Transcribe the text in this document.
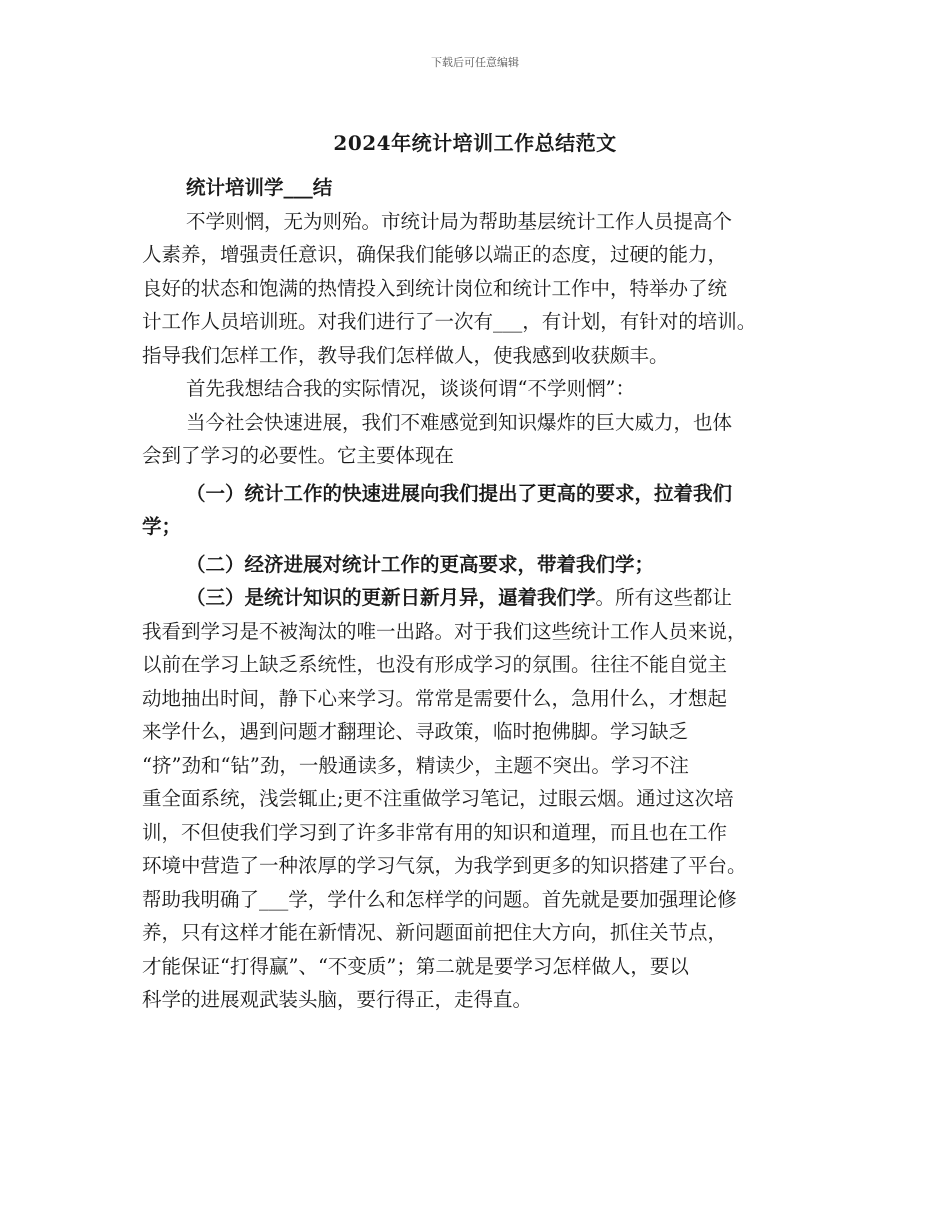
下载后可任意编辑
2024年统计培训工作总结范文
统计培训学___结
不学则惘，无为则殆。市统计局为帮助基层统计工作人员提高个
人素养，增强责任意识，确保我们能够以端正的态度，过硬的能力，
良好的状态和饱满的热情投入到统计岗位和统计工作中，特举办了统
计工作人员培训班。对我们进行了一次有___，有计划，有针对的培训。
指导我们怎样工作，教导我们怎样做人，使我感到收获颇丰。
首先我想结合我的实际情况，谈谈何谓“不学则惘”：
当今社会快速进展，我们不难感觉到知识爆炸的巨大威力，也体
会到了学习的必要性。它主要体现在
（一）统计工作的快速进展向我们提出了更高的要求，拉着我们
学；
（二）经济进展对统计工作的更高要求，带着我们学；
（三）是统计知识的更新日新月异，逼着我们学。所有这些都让
我看到学习是不被淘汰的唯一出路。对于我们这些统计工作人员来说，
以前在学习上缺乏系统性，也没有形成学习的氛围。往往不能自觉主
动地抽出时间，静下心来学习。常常是需要什么，急用什么，才想起
来学什么，遇到问题才翻理论、寻政策，临时抱佛脚。学习缺乏
“挤”劲和“钻”劲，一般通读多，精读少，主题不突出。学习不注
重全面系统，浅尝辄止;更不注重做学习笔记，过眼云烟。通过这次培
训，不但使我们学习到了许多非常有用的知识和道理，而且也在工作
环境中营造了一种浓厚的学习气氛，为我学到更多的知识搭建了平台。
帮助我明确了___学，学什么和怎样学的问题。首先就是要加强理论修
养，只有这样才能在新情况、新问题面前把住大方向，抓住关节点，
才能保证“打得赢”、“不变质”；第二就是要学习怎样做人，要以
科学的进展观武装头脑，要行得正，走得直。
